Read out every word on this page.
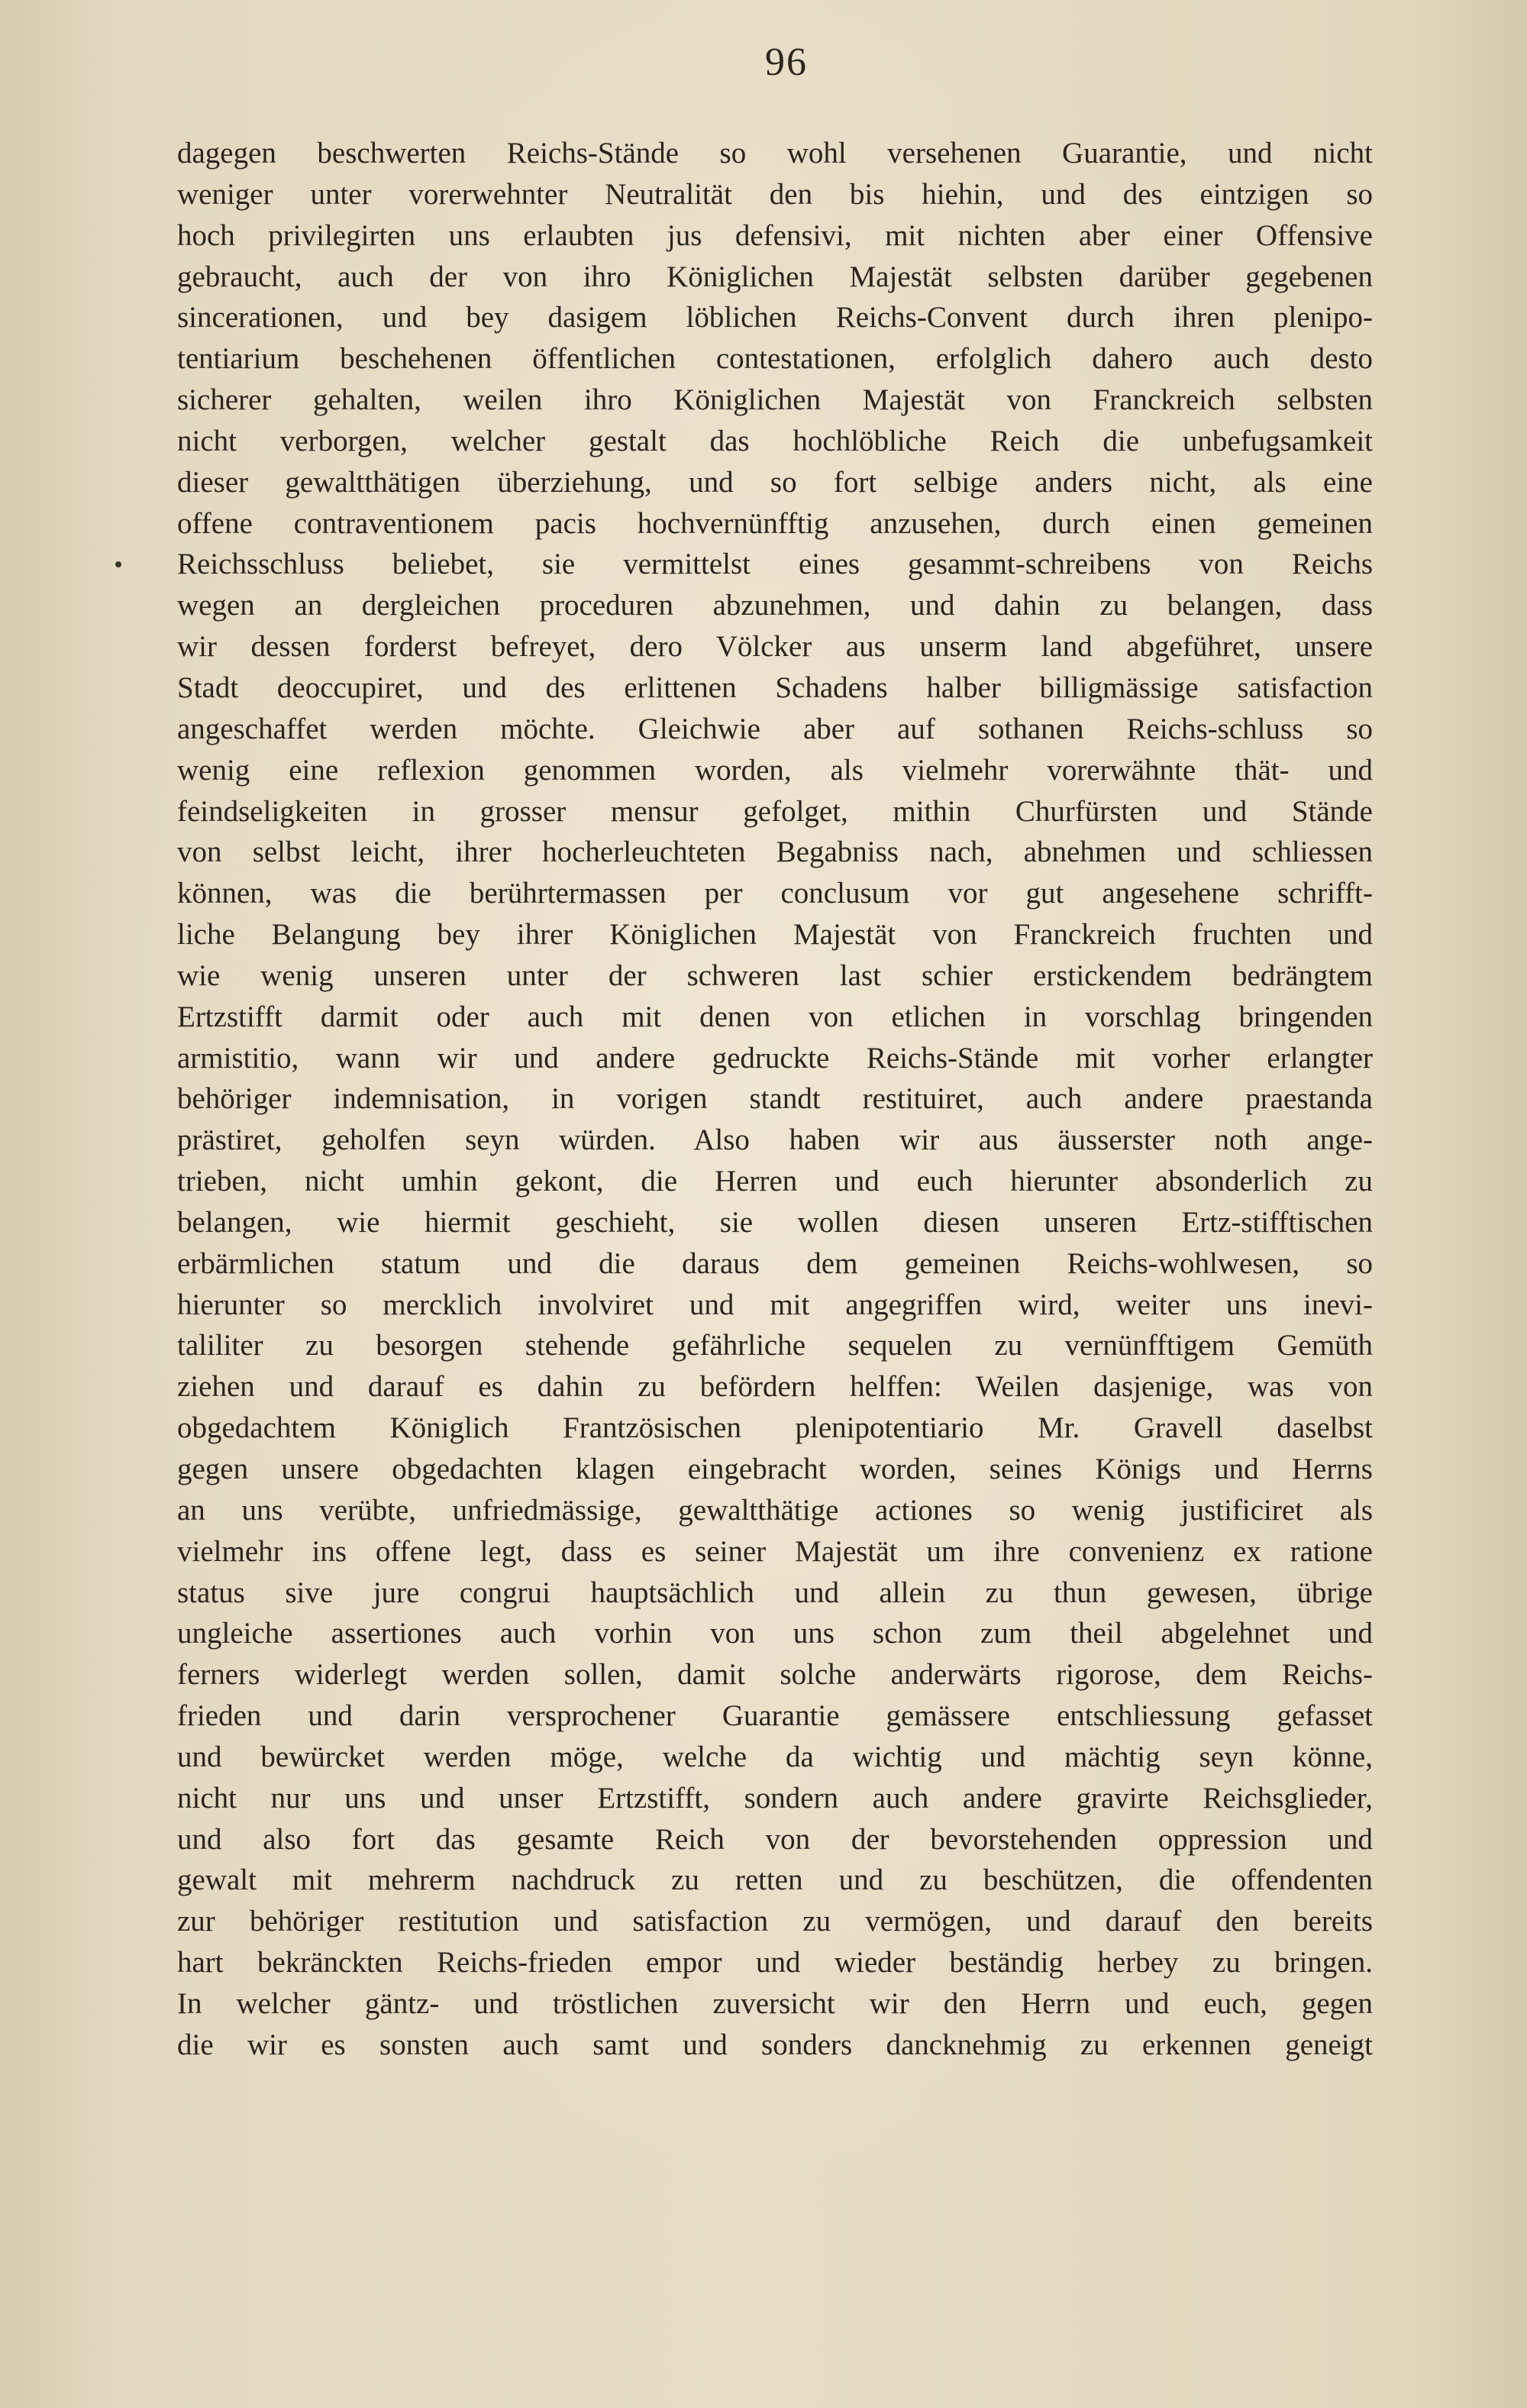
96
dagegen beschwerten Reichs-Stände so wohl versehenen Guarantie, und nicht
weniger unter vorerwehnter Neutralität den bis hiehin, und des eintzigen so
hoch privilegirten uns erlaubten jus defensivi, mit nichten aber einer Offensive
gebraucht, auch der von ihro Königlichen Majestät selbsten darüber gegebenen
sincerationen, und bey dasigem löblichen Reichs-Convent durch ihren plenipo-
tentiarium beschehenen öffentlichen contestationen, erfolglich dahero auch desto
sicherer gehalten, weilen ihro Königlichen Majestät von Franckreich selbsten
nicht verborgen, welcher gestalt das hochlöbliche Reich die unbefugsamkeit
dieser gewaltthätigen überziehung, und so fort selbige anders nicht, als eine
offene contraventionem pacis hochvernünfftig anzusehen, durch einen gemeinen
Reichsschluss beliebet, sie vermittelst eines gesammt-schreibens von Reichs
wegen an dergleichen proceduren abzunehmen, und dahin zu belangen, dass
wir dessen forderst befreyet, dero Völcker aus unserm land abgeführet, unsere
Stadt deoccupiret, und des erlittenen Schadens halber billigmässige satisfaction
angeschaffet werden möchte. Gleichwie aber auf sothanen Reichs-schluss so
wenig eine reflexion genommen worden, als vielmehr vorerwähnte thät- und
feindseligkeiten in grosser mensur gefolget, mithin Churfürsten und Stände
von selbst leicht, ihrer hocherleuchteten Begabniss nach, abnehmen und schliessen
können, was die berührtermassen per conclusum vor gut angesehene schrifft-
liche Belangung bey ihrer Königlichen Majestät von Franckreich fruchten und
wie wenig unseren unter der schweren last schier erstickendem bedrängtem
Ertzstifft darmit oder auch mit denen von etlichen in vorschlag bringenden
armistitio, wann wir und andere gedruckte Reichs-Stände mit vorher erlangter
behöriger indemnisation, in vorigen standt restituiret, auch andere praestanda
prästiret, geholfen seyn würden. Also haben wir aus äusserster noth ange-
trieben, nicht umhin gekont, die Herren und euch hierunter absonderlich zu
belangen, wie hiermit geschieht, sie wollen diesen unseren Ertz-stifftischen
erbärmlichen statum und die daraus dem gemeinen Reichs-wohlwesen, so
hierunter so mercklich involviret und mit angegriffen wird, weiter uns inevi-
taliliter zu besorgen stehende gefährliche sequelen zu vernünfftigem Gemüth
ziehen und darauf es dahin zu befördern helffen: Weilen dasjenige, was von
obgedachtem Königlich Frantzösischen plenipotentiario Mr. Gravell daselbst
gegen unsere obgedachten klagen eingebracht worden, seines Königs und Herrns
an uns verübte, unfriedmässige, gewaltthätige actiones so wenig justificiret als
vielmehr ins offene legt, dass es seiner Majestät um ihre convenienz ex ratione
status sive jure congrui hauptsächlich und allein zu thun gewesen, übrige
ungleiche assertiones auch vorhin von uns schon zum theil abgelehnet und
ferners widerlegt werden sollen, damit solche anderwärts rigorose, dem Reichs-
frieden und darin versprochener Guarantie gemässere entschliessung gefasset
und bewürcket werden möge, welche da wichtig und mächtig seyn könne,
nicht nur uns und unser Ertzstifft, sondern auch andere gravirte Reichsglieder,
und also fort das gesamte Reich von der bevorstehenden oppression und
gewalt mit mehrerm nachdruck zu retten und zu beschützen, die offendenten
zur behöriger restitution und satisfaction zu vermögen, und darauf den bereits
hart bekränckten Reichs-frieden empor und wieder beständig herbey zu bringen.
In welcher gäntz- und tröstlichen zuversicht wir den Herrn und euch, gegen
die wir es sonsten auch samt und sonders dancknehmig zu erkennen geneigt
